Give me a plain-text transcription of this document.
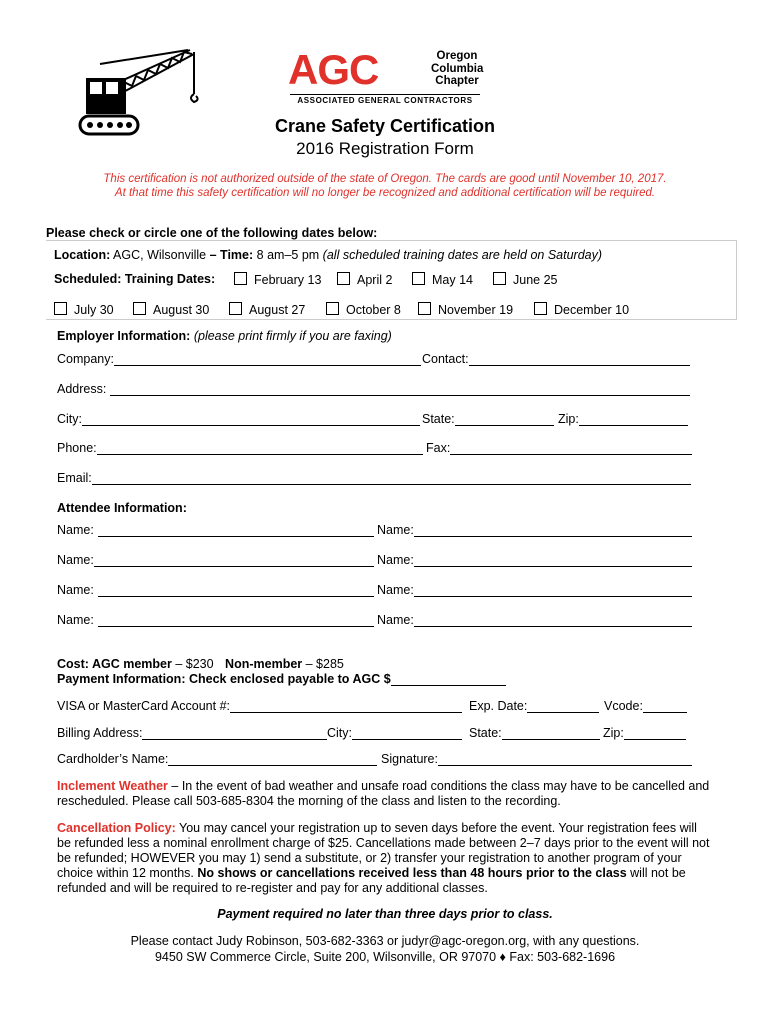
AGC	Oregon
Columbia
Chapter
ASSOCIATED GENERAL CONTRACTORS
Crane Safety Certification
2016 Registration Form
This certification is not authorized outside of the state of Oregon. The cards are good until November 10, 2017.
At that time this safety certification will no longer be recognized and additional certification will be required.
Please check or circle one of the following dates below:
Location: AGC, Wilsonville – Time: 8 am–5 pm (all scheduled training dates are held on Saturday)
Scheduled: Training Dates:	February 13	April 2	May 14	June 25
July 30	August 30	August 27	October 8	November 19	December 10
Employer Information: (please print firmly if you are faxing)
Company:	Contact:
Address:
City:	State:	Zip:
Phone:	Fax:
Email:
Attendee Information:
Name:	Name:
Name:	Name:
Name:	Name:
Name:	Name:
Cost: AGC member – $230 Non-member – $285
Payment Information: Check enclosed payable to AGC $
VISA or MasterCard Account #:	Exp. Date:	Vcode:
Billing Address:	City:	State:	Zip:
Cardholder’s Name:	Signature:
Inclement Weather – In the event of bad weather and unsafe road conditions the class may have to be cancelled and
rescheduled. Please call 503-685-8304 the morning of the class and listen to the recording.
Cancellation Policy: You may cancel your registration up to seven days before the event. Your registration fees will
be refunded less a nominal enrollment charge of $25. Cancellations made between 2–7 days prior to the event will not
be refunded; HOWEVER you may 1) send a substitute, or 2) transfer your registration to another program of your
choice within 12 months. No shows or cancellations received less than 48 hours prior to the class will not be
refunded and will be required to re-register and pay for any additional classes.
Payment required no later than three days prior to class.
Please contact Judy Robinson, 503-682-3363 or judyr@agc-oregon.org, with any questions.
9450 SW Commerce Circle, Suite 200, Wilsonville, OR 97070 ♦ Fax: 503-682-1696
